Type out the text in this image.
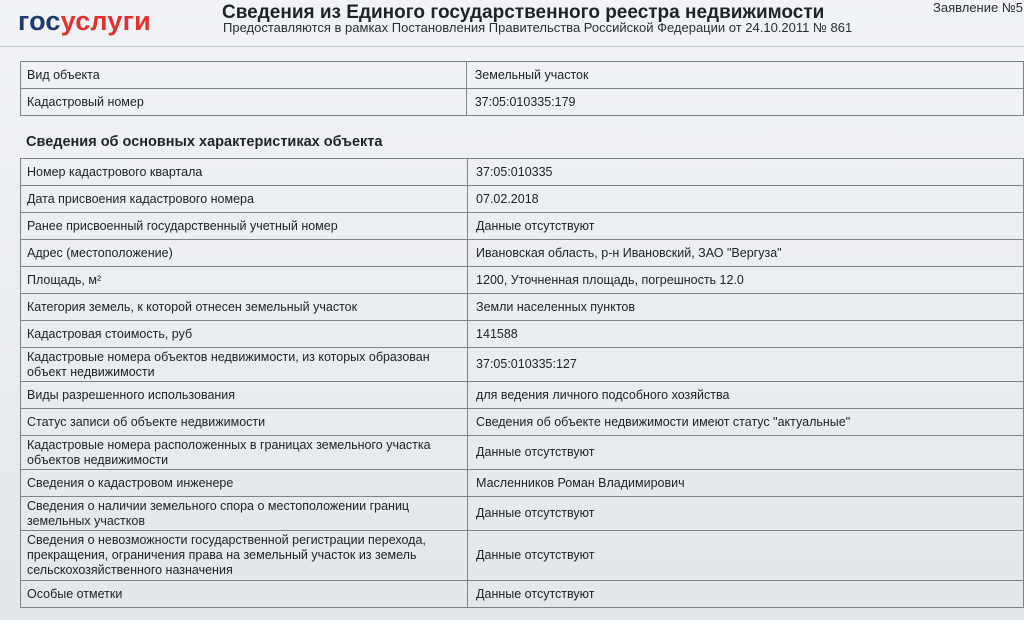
госуслуги	Сведения из Единого государственного реестра недвижимости
Предоставляются в рамках Постановления Правительства Российской Федерации от 24.10.2011 № 861
Заявление №5
Вид объекта	Земельный участок
Кадастровый номер	37:05:010335:179
Сведения об основных характеристиках объекта
Номер кадастрового квартала	37:05:010335
Дата присвоения кадастрового номера	07.02.2018
Ранее присвоенный государственный учетный номер	Данные отсутствуют
Адрес (местоположение)	Ивановская область, р-н Ивановский, ЗАО "Вергуза"
Площадь, м²	1200, Уточненная площадь, погрешность 12.0
Категория земель, к которой отнесен земельный участок	Земли населенных пунктов
Кадастровая стоимость, руб	141588
Кадастровые номера объектов недвижимости, из которых образован объект недвижимости	37:05:010335:127
Виды разрешенного использования	для ведения личного подсобного хозяйства
Статус записи об объекте недвижимости	Сведения об объекте недвижимости имеют статус "актуальные"
Кадастровые номера расположенных в границах земельного участка объектов недвижимости	Данные отсутствуют
Сведения о кадастровом инженере	Масленников Роман Владимирович
Сведения о наличии земельного спора о местоположении границ земельных участков	Данные отсутствуют
Сведения о невозможности государственной регистрации перехода, прекращения, ограничения права на земельный участок из земель сельскохозяйственного назначения	Данные отсутствуют
Особые отметки	Данные отсутствуют
